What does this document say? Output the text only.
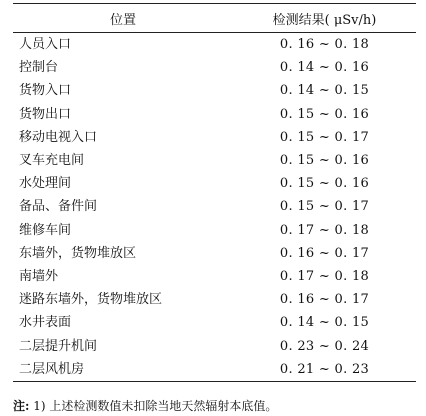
位置	检测结果( μSv/h)
人员入口	0. 16 ~ 0. 18
控制台	0. 14 ~ 0. 16
货物入口	0. 14 ~ 0. 15
货物出口	0. 15 ~ 0. 16
移动电视入口	0. 15 ~ 0. 17
叉车充电间	0. 15 ~ 0. 16
水处理间	0. 15 ~ 0. 16
备品、备件间	0. 15 ~ 0. 17
维修车间	0. 17 ~ 0. 18
东墙外，货物堆放区	0. 16 ~ 0. 17
南墙外	0. 17 ~ 0. 18
迷路东墙外，货物堆放区	0. 16 ~ 0. 17
水井表面	0. 14 ~ 0. 15
二层提升机间	0. 23 ~ 0. 24
二层风机房	0. 21 ~ 0. 23
注: 1) 上述检测数值未扣除当地天然辐射本底值。
